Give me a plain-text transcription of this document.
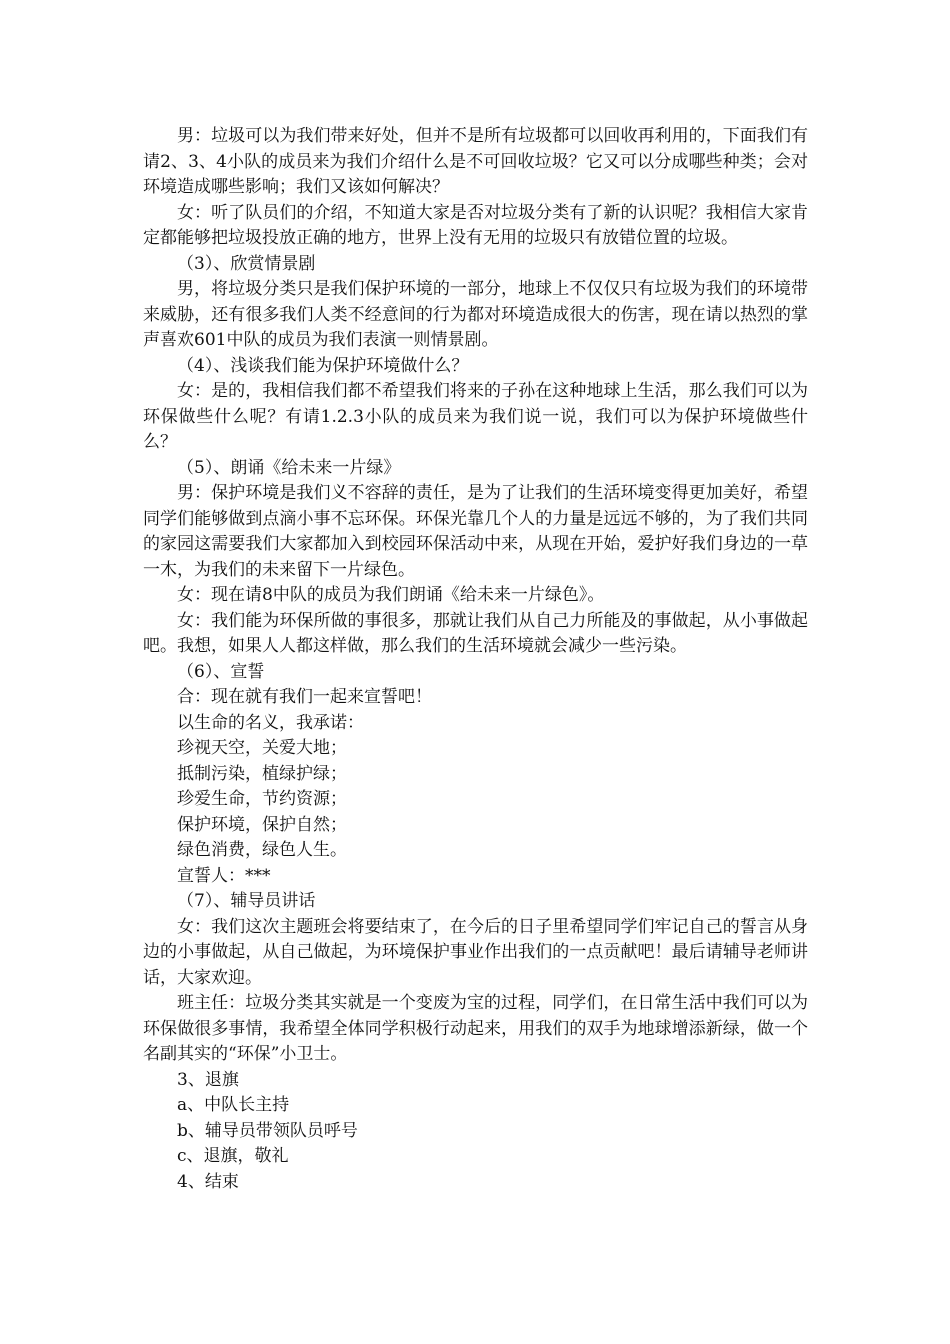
男：垃圾可以为我们带来好处，但并不是所有垃圾都可以回收再利用的，下面我们有请2、3、4小队的成员来为我们介绍什么是不可回收垃圾？它又可以分成哪些种类；会对环境造成哪些影响；我们又该如何解决？

女：听了队员们的介绍，不知道大家是否对垃圾分类有了新的认识呢？我相信大家肯定都能够把垃圾投放正确的地方，世界上没有无用的垃圾只有放错位置的垃圾。

（3）、欣赏情景剧

男，将垃圾分类只是我们保护环境的一部分，地球上不仅仅只有垃圾为我们的环境带来威胁，还有很多我们人类不经意间的行为都对环境造成很大的伤害，现在请以热烈的掌声喜欢601中队的成员为我们表演一则情景剧。

（4）、浅谈我们能为保护环境做什么？

女：是的，我相信我们都不希望我们将来的子孙在这种地球上生活，那么我们可以为环保做些什么呢？有请1.2.3小队的成员来为我们说一说，我们可以为保护环境做些什么？

（5）、朗诵《给未来一片绿》

男：保护环境是我们义不容辞的责任，是为了让我们的生活环境变得更加美好，希望同学们能够做到点滴小事不忘环保。环保光靠几个人的力量是远远不够的，为了我们共同的家园这需要我们大家都加入到校园环保活动中来，从现在开始，爱护好我们身边的一草一木，为我们的未来留下一片绿色。

女：现在请8中队的成员为我们朗诵《给未来一片绿色》。

女：我们能为环保所做的事很多，那就让我们从自己力所能及的事做起，从小事做起吧。我想，如果人人都这样做，那么我们的生活环境就会减少一些污染。

（6）、宣誓

合：现在就有我们一起来宣誓吧！

以生命的名义，我承诺：

珍视天空，关爱大地；

抵制污染，植绿护绿；

珍爱生命，节约资源；

保护环境，保护自然；

绿色消费，绿色人生。

宣誓人：***

（7）、辅导员讲话

女：我们这次主题班会将要结束了，在今后的日子里希望同学们牢记自己的誓言从身边的小事做起，从自己做起，为环境保护事业作出我们的一点贡献吧！最后请辅导老师讲话，大家欢迎。

班主任：垃圾分类其实就是一个变废为宝的过程，同学们，在日常生活中我们可以为环保做很多事情，我希望全体同学积极行动起来，用我们的双手为地球增添新绿，做一个名副其实的“环保”小卫士。

3、退旗

a、中队长主持

b、辅导员带领队员呼号

c、退旗，敬礼

4、结束
